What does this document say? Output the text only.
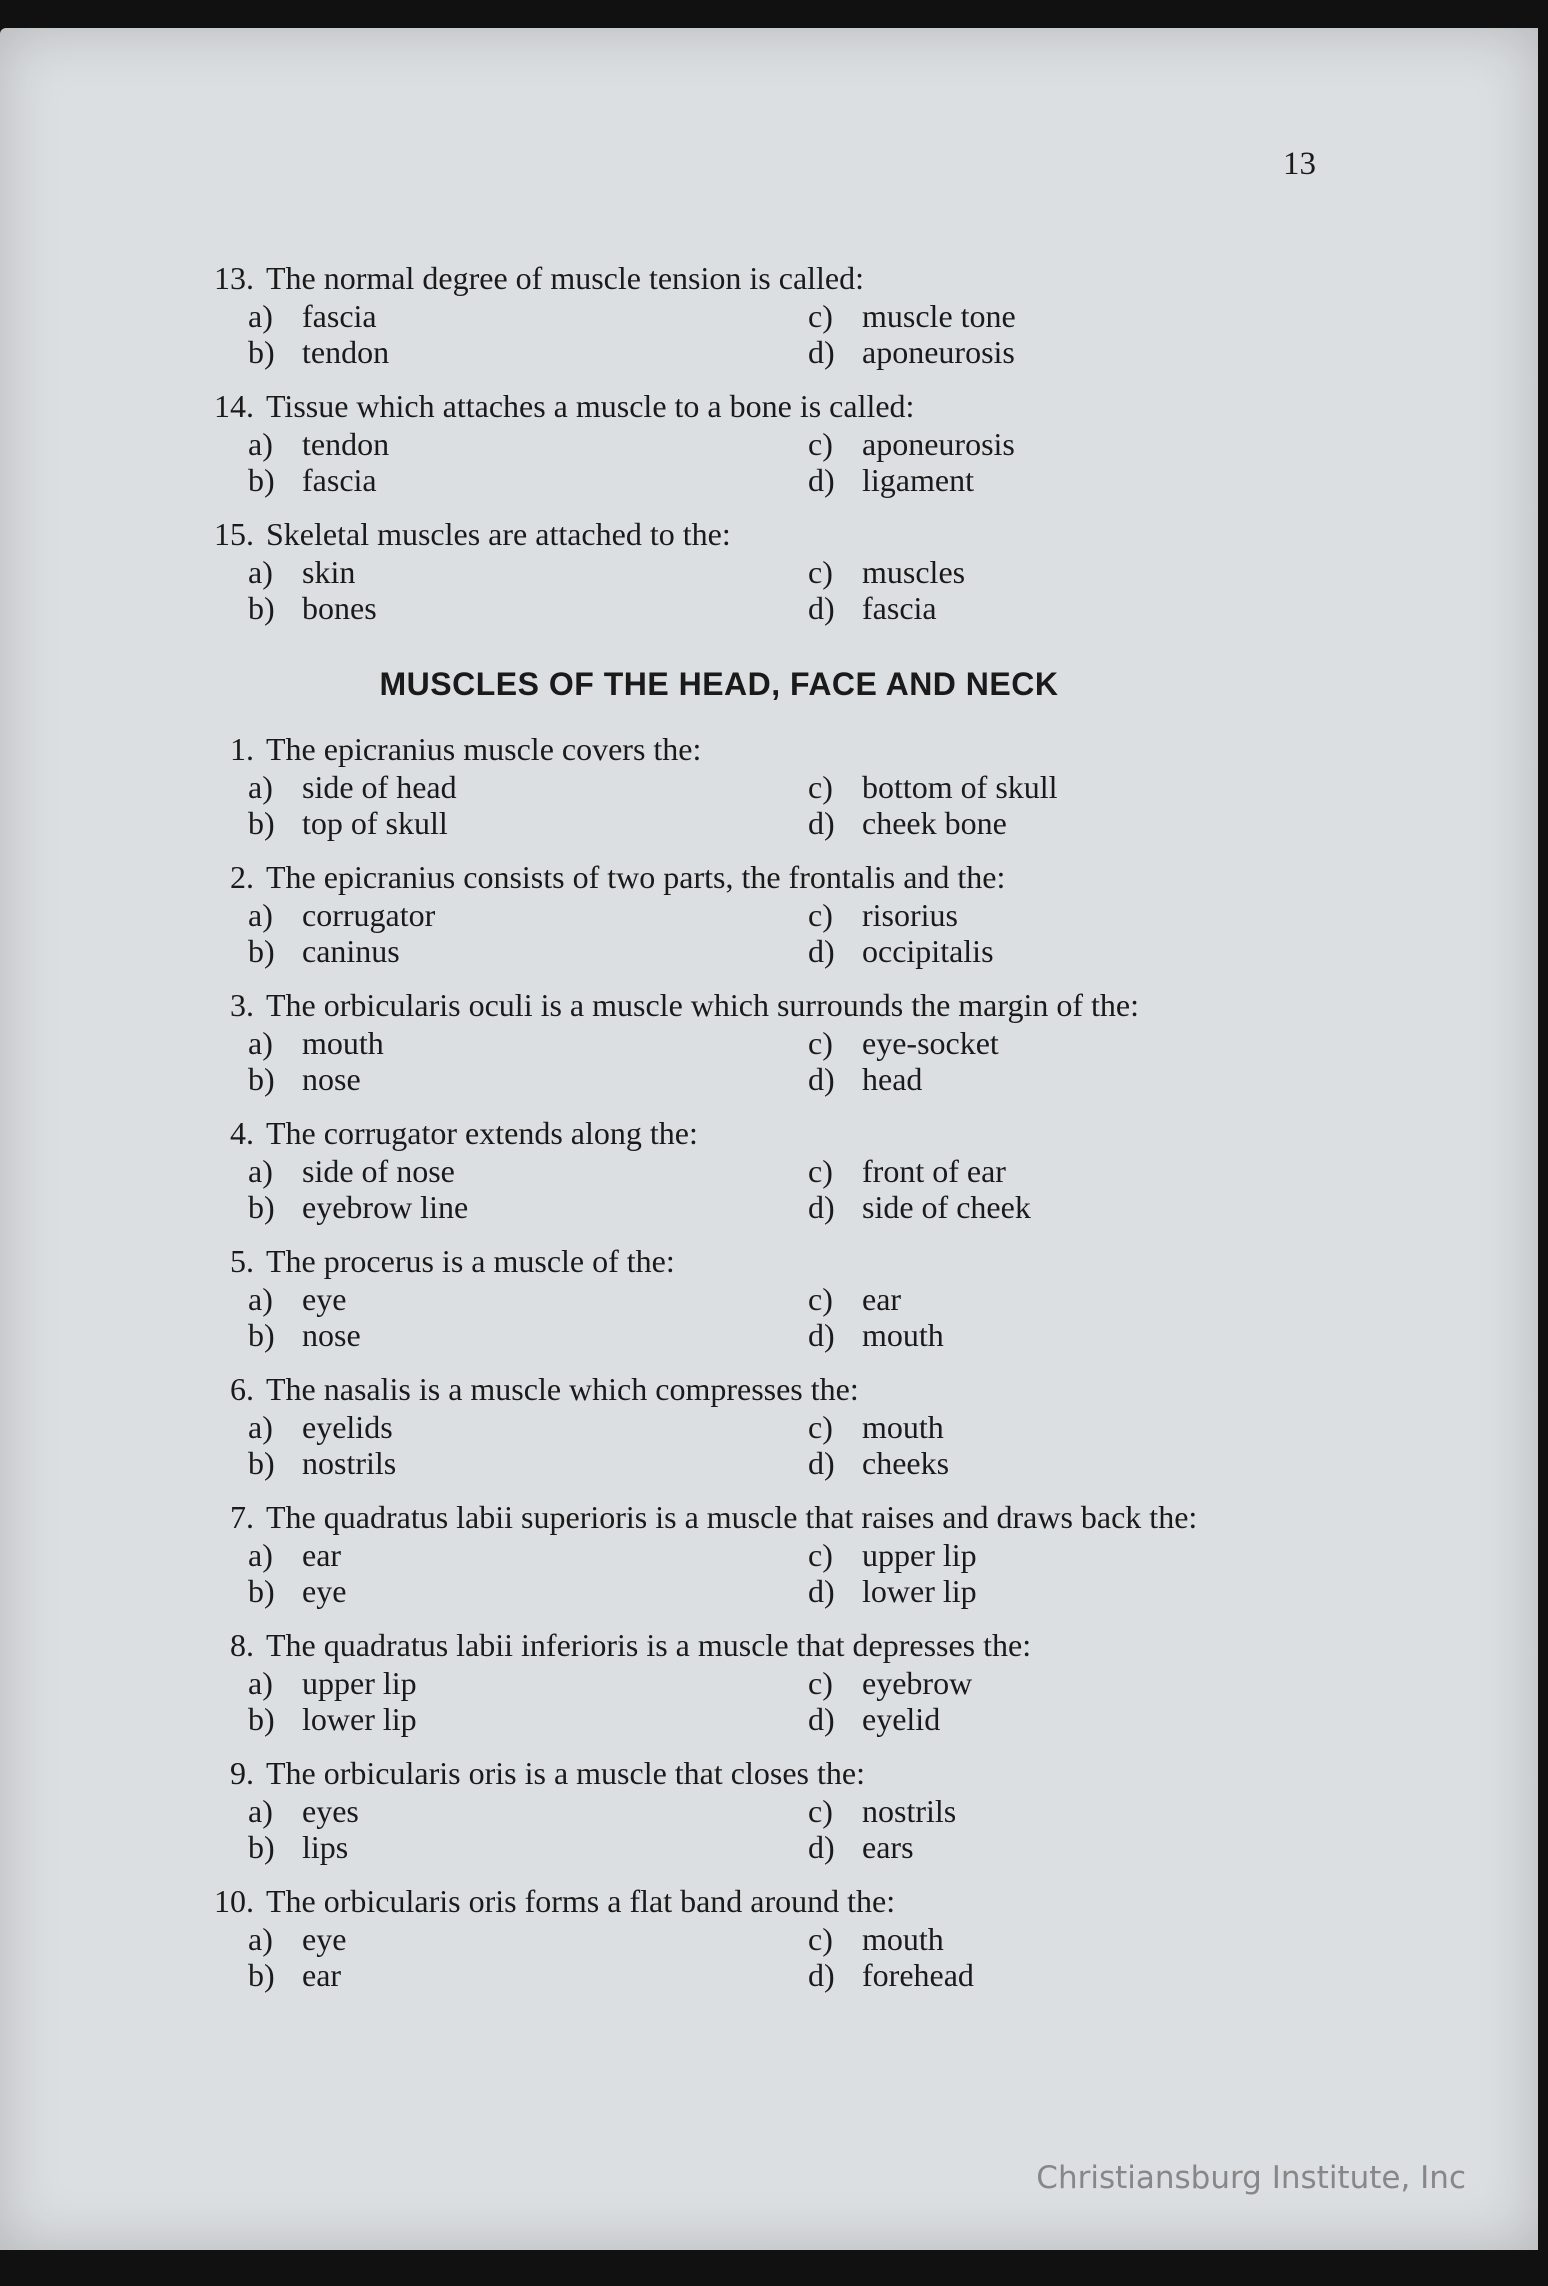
13
13. The normal degree of muscle tension is called:
a) fascia	c) muscle tone
b) tendon	d) aponeurosis
14. Tissue which attaches a muscle to a bone is called:
a) tendon	c) aponeurosis
b) fascia	d) ligament
15. Skeletal muscles are attached to the:
a) skin	c) muscles
b) bones	d) fascia
MUSCLES OF THE HEAD, FACE AND NECK
1. The epicranius muscle covers the:
a) side of head	c) bottom of skull
b) top of skull	d) cheek bone
2. The epicranius consists of two parts, the frontalis and the:
a) corrugator	c) risorius
b) caninus	d) occipitalis
3. The orbicularis oculi is a muscle which surrounds the margin of the:
a) mouth	c) eye-socket
b) nose	d) head
4. The corrugator extends along the:
a) side of nose	c) front of ear
b) eyebrow line	d) side of cheek
5. The procerus is a muscle of the:
a) eye	c) ear
b) nose	d) mouth
6. The nasalis is a muscle which compresses the:
a) eyelids	c) mouth
b) nostrils	d) cheeks
7. The quadratus labii superioris is a muscle that raises and draws back the:
a) ear	c) upper lip
b) eye	d) lower lip
8. The quadratus labii inferioris is a muscle that depresses the:
a) upper lip	c) eyebrow
b) lower lip	d) eyelid
9. The orbicularis oris is a muscle that closes the:
a) eyes	c) nostrils
b) lips	d) ears
10. The orbicularis oris forms a flat band around the:
a) eye	c) mouth
b) ear	d) forehead
Christiansburg Institute, Inc
